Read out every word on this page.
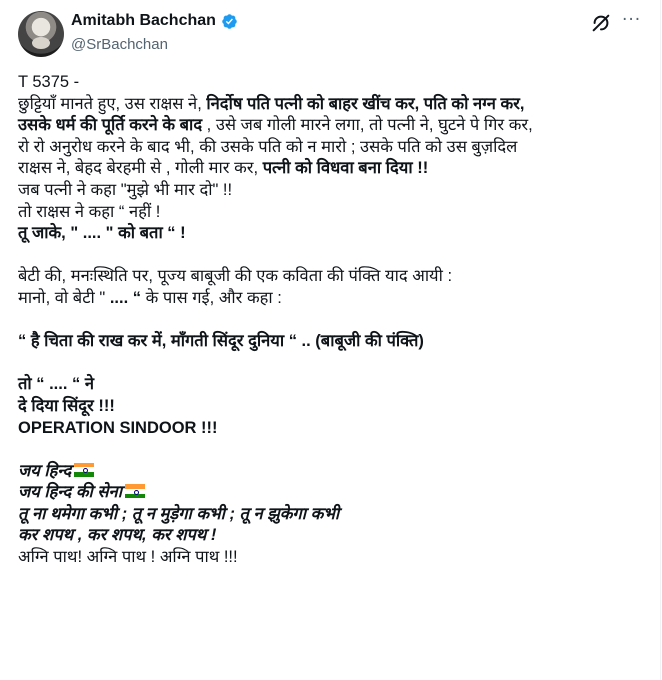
Amitabh Bachchan
@SrBachchan
···
T 5375 -
छुट्टियाँ मानते हुए, उस राक्षस ने, निर्दोष पति पत्नी को बाहर खींच कर, पति को नग्न कर,
उसके धर्म की पूर्ति करने के बाद , उसे जब गोली मारने लगा, तो पत्नी ने, घुटने पे गिर कर,
रो रो अनुरोध करने के बाद भी, की उसके पति को न मारो ; उसके पति को उस बुज़दिल
राक्षस ने, बेहद बेरहमी से , गोली मार कर, पत्नी को विधवा बना दिया !!
जब पत्नी ने कहा "मुझे भी मार दो" !!
तो राक्षस ने कहा “ नहीं !
तू जाके, " .... " को बता “ !
बेटी की, मनःस्थिति पर, पूज्य बाबूजी की एक कविता की पंक्ति याद आयी :
मानो, वो बेटी " .... “ के पास गई, और कहा :
“ है चिता की राख कर में, माँगती सिंदूर दुनिया “ .. (बाबूजी की पंक्ति)
तो “ .... “ ने
दे दिया सिंदूर !!!
OPERATION SINDOOR !!!
जय हिन्द
जय हिन्द की सेना
तू ना थमेगा कभी ; तू न मुड़ेगा कभी ; तू न झुकेगा कभी
कर शपथ , कर शपथ, कर शपथ !
अग्नि पाथ! अग्नि पाथ ! अग्नि पाथ !!!
